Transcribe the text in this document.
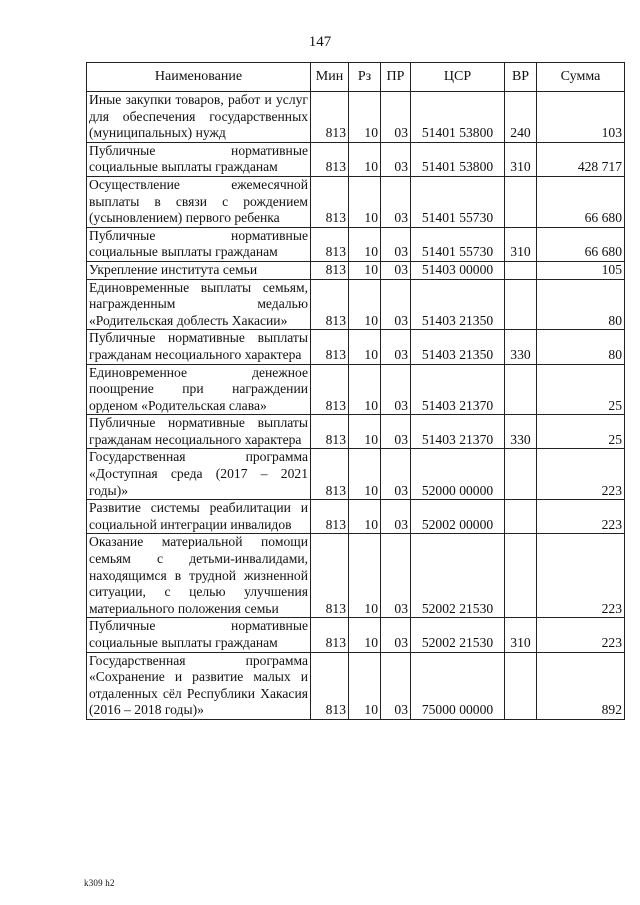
147
Наименование	Мин	Рз	ПР	ЦСР	ВР	Сумма
Иные закупки товаров, работ и услуг для обеспечения государственных (муниципальных) нужд	813	10	03	51401 53800	240	103
Публичные нормативные социальные выплаты гражданам	813	10	03	51401 53800	310	428 717
Осуществление ежемесячной выплаты в связи с рождением (усыновлением) первого ребенка	813	10	03	51401 55730		66 680
Публичные нормативные социальные выплаты гражданам	813	10	03	51401 55730	310	66 680
Укрепление института семьи	813	10	03	51403 00000		105
Единовременные выплаты семьям, награжденным медалью «Родительская доблесть Хакасии»	813	10	03	51403 21350		80
Публичные нормативные выплаты гражданам несоциального характера	813	10	03	51403 21350	330	80
Единовременное денежное поощрение при награждении орденом «Родительская слава»	813	10	03	51403 21370		25
Публичные нормативные выплаты гражданам несоциального характера	813	10	03	51403 21370	330	25
Государственная программа «Доступная среда (2017 – 2021 годы)»	813	10	03	52000 00000		223
Развитие системы реабилитации и социальной интеграции инвалидов	813	10	03	52002 00000		223
Оказание материальной помощи семьям с детьми-инвалидами, находящимся в трудной жизненной ситуации, с целью улучшения материального положения семьи	813	10	03	52002 21530		223
Публичные нормативные социальные выплаты гражданам	813	10	03	52002 21530	310	223
Государственная программа «Сохранение и развитие малых и отдаленных сёл Республики Хакасия (2016 – 2018 годы)»	813	10	03	75000 00000		892
k309 h2
